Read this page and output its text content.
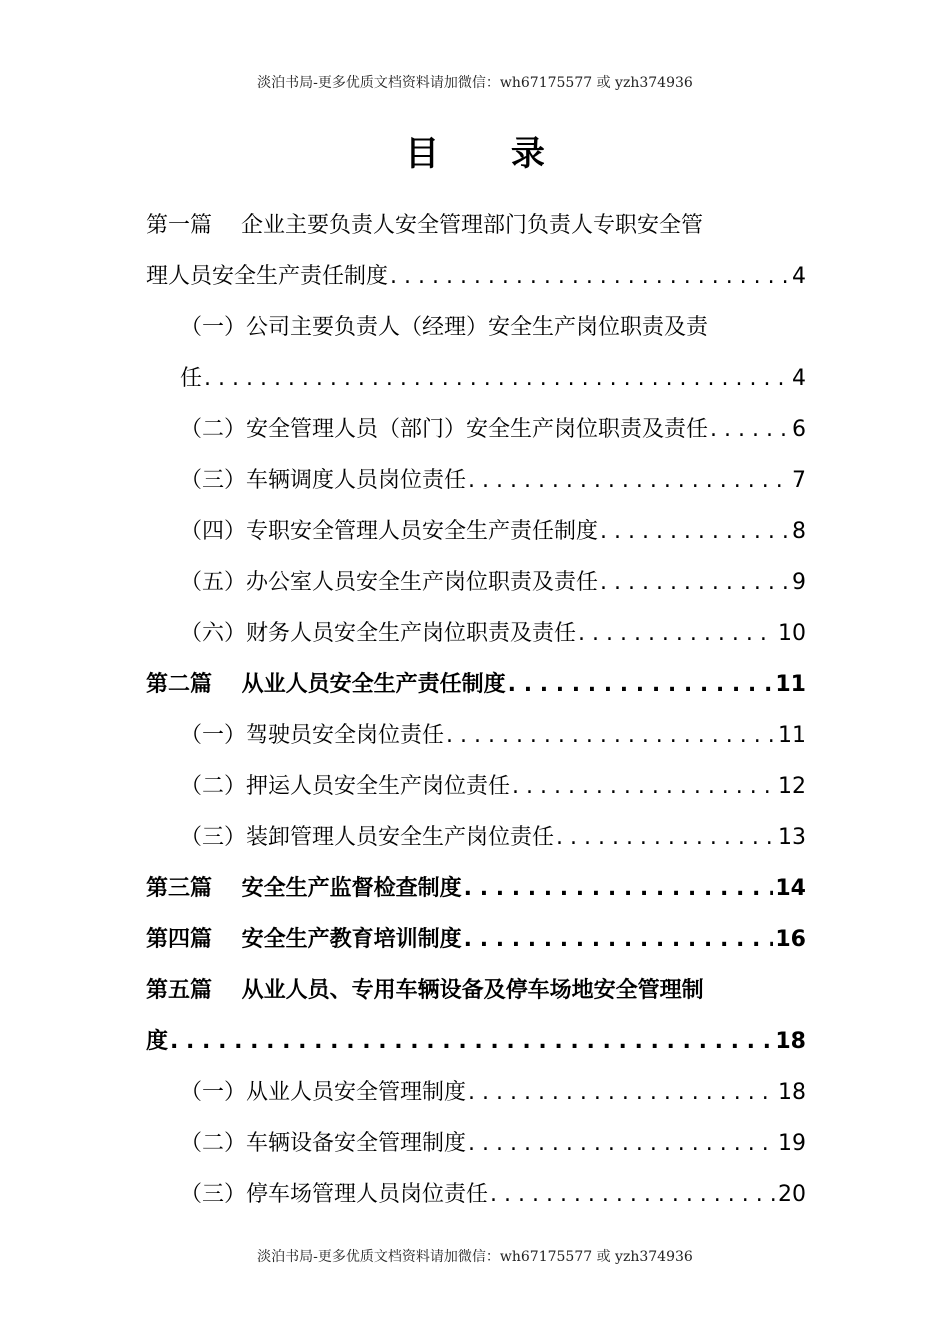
淡泊书局-更多优质文档资料请加微信：wh67175577 或 yzh374936
目 录
第一篇　 企业主要负责人安全管理部门负责人专职安全管
理人员安全生产责任制度 . . .	4
（一）公司主要负责人（经理）安全生产岗位职责及责
任 . . .	4
（二）安全管理人员（部门）安全生产岗位职责及责任 . . .	6
（三）车辆调度人员岗位责任 . . .	7
（四）专职安全管理人员安全生产责任制度 . . .	8
（五）办公室人员安全生产岗位职责及责任 . . .	9
（六）财务人员安全生产岗位职责及责任 . . .	10
第二篇　 从业人员安全生产责任制度 . . .	11
（一）驾驶员安全岗位责任 . . .	11
（二）押运人员安全生产岗位责任 . . .	12
（三）装卸管理人员安全生产岗位责任 . . .	13
第三篇　 安全生产监督检查制度 . . .	14
第四篇　 安全生产教育培训制度 . . .	16
第五篇　 从业人员、专用车辆设备及停车场地安全管理制
度 . . .	18
（一）从业人员安全管理制度 . . .	18
（二）车辆设备安全管理制度 . . .	19
（三）停车场管理人员岗位责任 . . .	20
淡泊书局-更多优质文档资料请加微信：wh67175577 或 yzh374936
